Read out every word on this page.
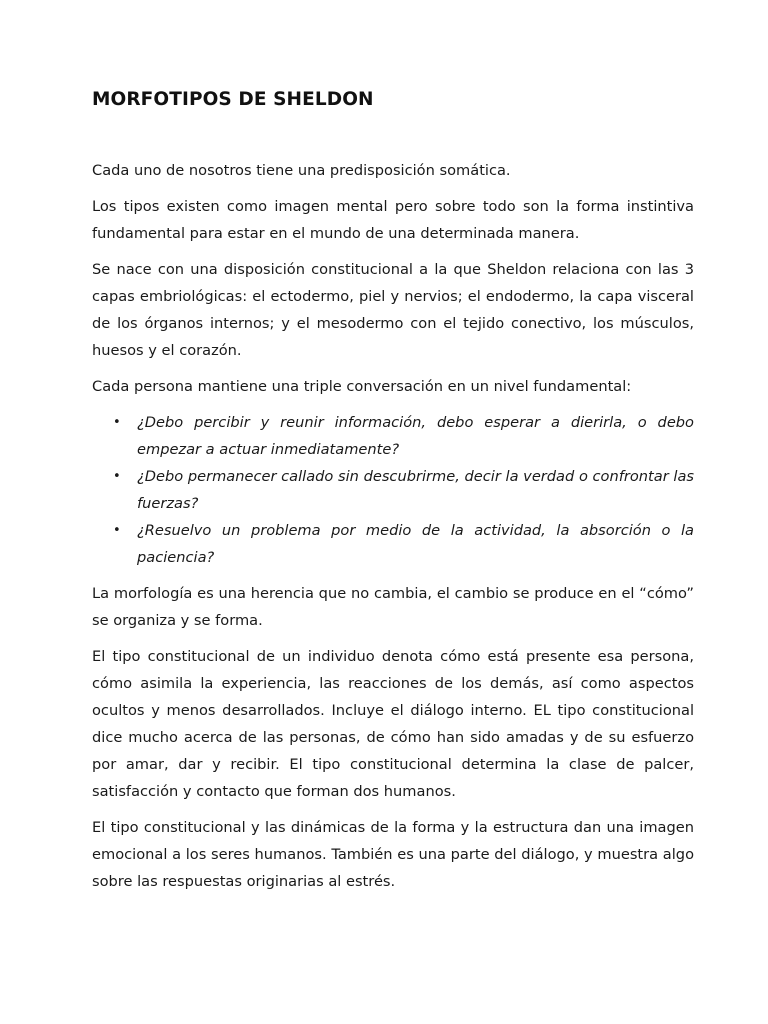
MORFOTIPOS DE SHELDON

Cada uno de nosotros tiene una predisposición somática.

Los tipos existen como imagen mental pero sobre todo son la forma instintiva fundamental para estar en el mundo de una determinada manera.

Se nace con una disposición constitucional a la que Sheldon relaciona con las 3 capas embriológicas: el ectodermo, piel y nervios; el endodermo, la capa visceral de los órganos internos; y el mesodermo con el tejido conectivo, los músculos, huesos y el corazón.

Cada persona mantiene una triple conversación en un nivel fundamental:

• ¿Debo percibir y reunir información, debo esperar a dierirla, o debo empezar a actuar inmediatamente?
• ¿Debo permanecer callado sin descubrirme, decir la verdad o confrontar las fuerzas?
• ¿Resuelvo un problema por medio de la actividad, la absorción o la paciencia?

La morfología es una herencia que no cambia, el cambio se produce en el “cómo” se organiza y se forma.

El tipo constitucional de un individuo denota cómo está presente esa persona, cómo asimila la experiencia, las reacciones de los demás, así como aspectos ocultos y menos desarrollados. Incluye el diálogo interno. EL tipo constitucional dice mucho acerca de las personas, de cómo han sido amadas y de su esfuerzo por amar, dar y recibir. El tipo constitucional determina la clase de palcer, satisfacción y contacto que forman dos humanos.

El tipo constitucional y las dinámicas de la forma y la estructura dan una imagen emocional a los seres humanos. También es una parte del diálogo, y muestra algo sobre las respuestas originarias al estrés.
